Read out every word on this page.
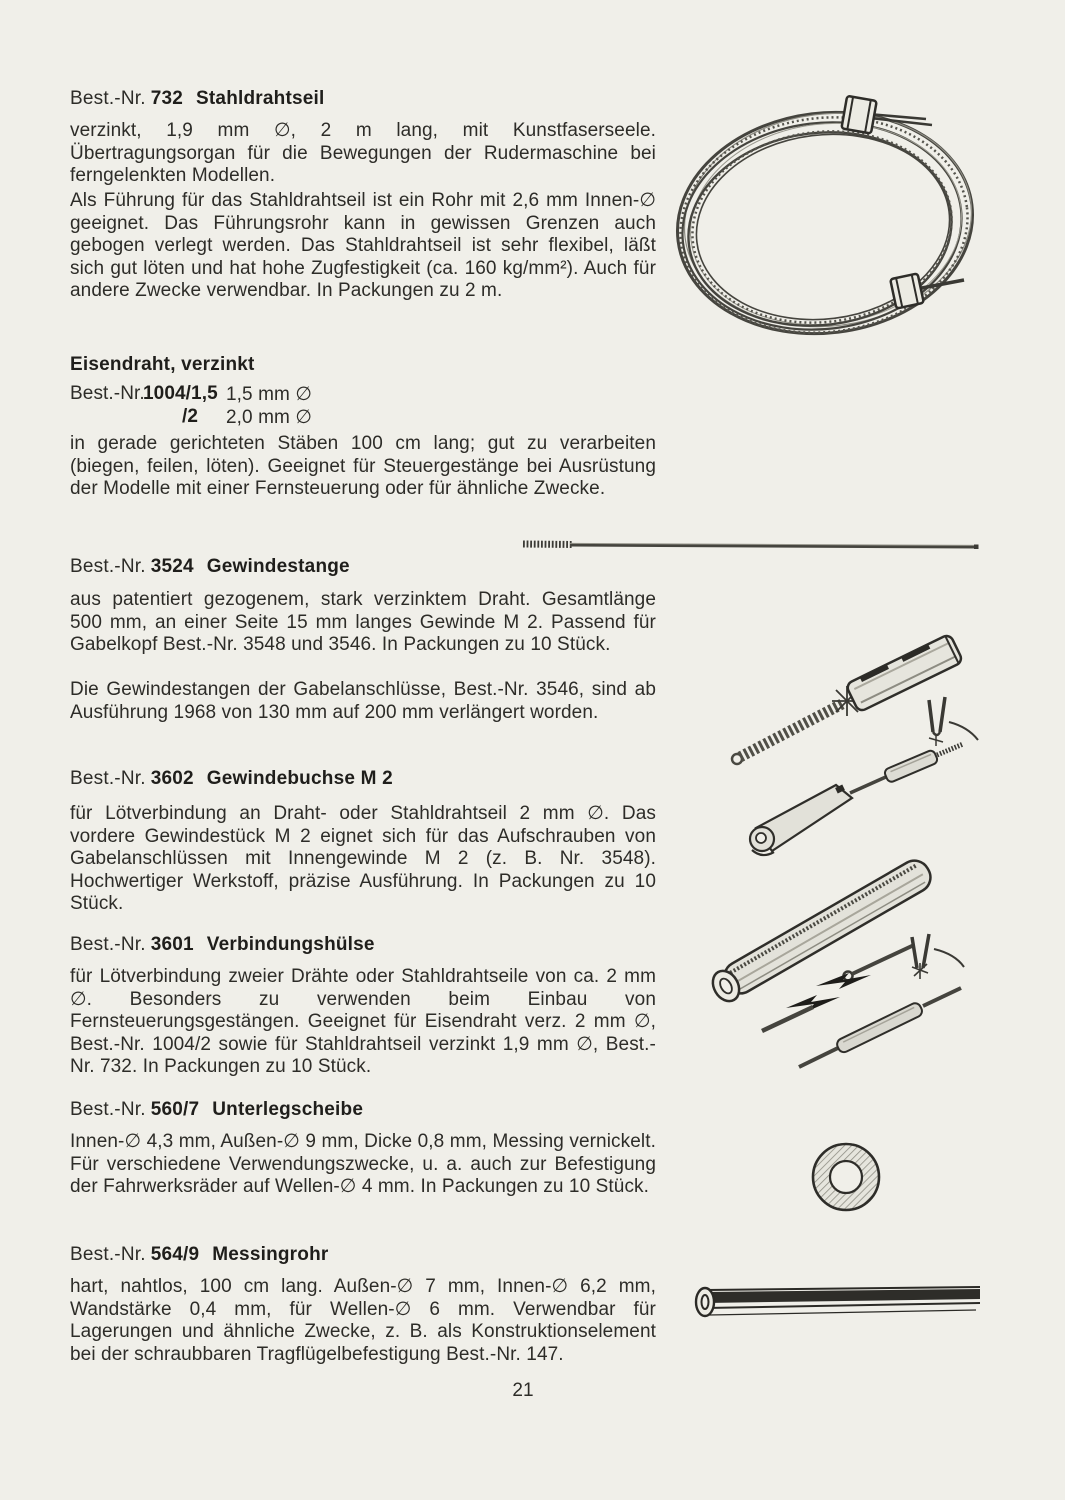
Best.-Nr. 732 Stahldrahtseil

verzinkt, 1,9 mm ∅, 2 m lang, mit Kunstfaserseele. Übertragungsorgan für die Bewegungen der Rudermaschine bei ferngelenkten Modellen.

Als Führung für das Stahldrahtseil ist ein Rohr mit 2,6 mm Innen-∅ geeignet. Das Führungsrohr kann in gewissen Grenzen auch gebogen verlegt werden. Das Stahldrahtseil ist sehr flexibel, läßt sich gut löten und hat hohe Zugfestigkeit (ca. 160 kg/mm²). Auch für andere Zwecke verwendbar. In Packungen zu 2 m.

Eisendraht, verzinkt
Best.-Nr.
1004/1,5 1,5 mm ∅
/2 2,0 mm ∅

in gerade gerichteten Stäben 100 cm lang; gut zu verarbeiten (biegen, feilen, löten). Geeignet für Steuergestänge bei Ausrüstung der Modelle mit einer Fernsteuerung oder für ähnliche Zwecke.

Best.-Nr. 3524 Gewindestange

aus patentiert gezogenem, stark verzinktem Draht. Gesamtlänge 500 mm, an einer Seite 15 mm langes Gewinde M 2. Passend für Gabelkopf Best.-Nr. 3548 und 3546. In Packungen zu 10 Stück.

Die Gewindestangen der Gabelanschlüsse, Best.-Nr. 3546, sind ab Ausführung 1968 von 130 mm auf 200 mm verlängert worden.

Best.-Nr. 3602 Gewindebuchse M 2

für Lötverbindung an Draht- oder Stahldrahtseil 2 mm ∅. Das vordere Gewindestück M 2 eignet sich für das Aufschrauben von Gabelanschlüssen mit Innengewinde M 2 (z. B. Nr. 3548). Hochwertiger Werkstoff, präzise Ausführung. In Packungen zu 10 Stück.

Best.-Nr. 3601 Verbindungshülse

für Lötverbindung zweier Drähte oder Stahldrahtseile von ca. 2 mm ∅. Besonders zu verwenden beim Einbau von Fernsteuerungsgestängen. Geeignet für Eisendraht verz. 2 mm ∅, Best.-Nr. 1004/2 sowie für Stahldrahtseil verzinkt 1,9 mm ∅, Best.-Nr. 732. In Packungen zu 10 Stück.

Best.-Nr. 560/7 Unterlegscheibe

Innen-∅ 4,3 mm, Außen-∅ 9 mm, Dicke 0,8 mm, Messing vernickelt. Für verschiedene Verwendungszwecke, u. a. auch zur Befestigung der Fahrwerksräder auf Wellen-∅ 4 mm. In Packungen zu 10 Stück.

Best.-Nr. 564/9 Messingrohr

hart, nahtlos, 100 cm lang. Außen-∅ 7 mm, Innen-∅ 6,2 mm, Wandstärke 0,4 mm, für Wellen-∅ 6 mm. Verwendbar für Lagerungen und ähnliche Zwecke, z. B. als Konstruktionselement bei der schraubbaren Tragflügelbefestigung Best.-Nr. 147.

21
